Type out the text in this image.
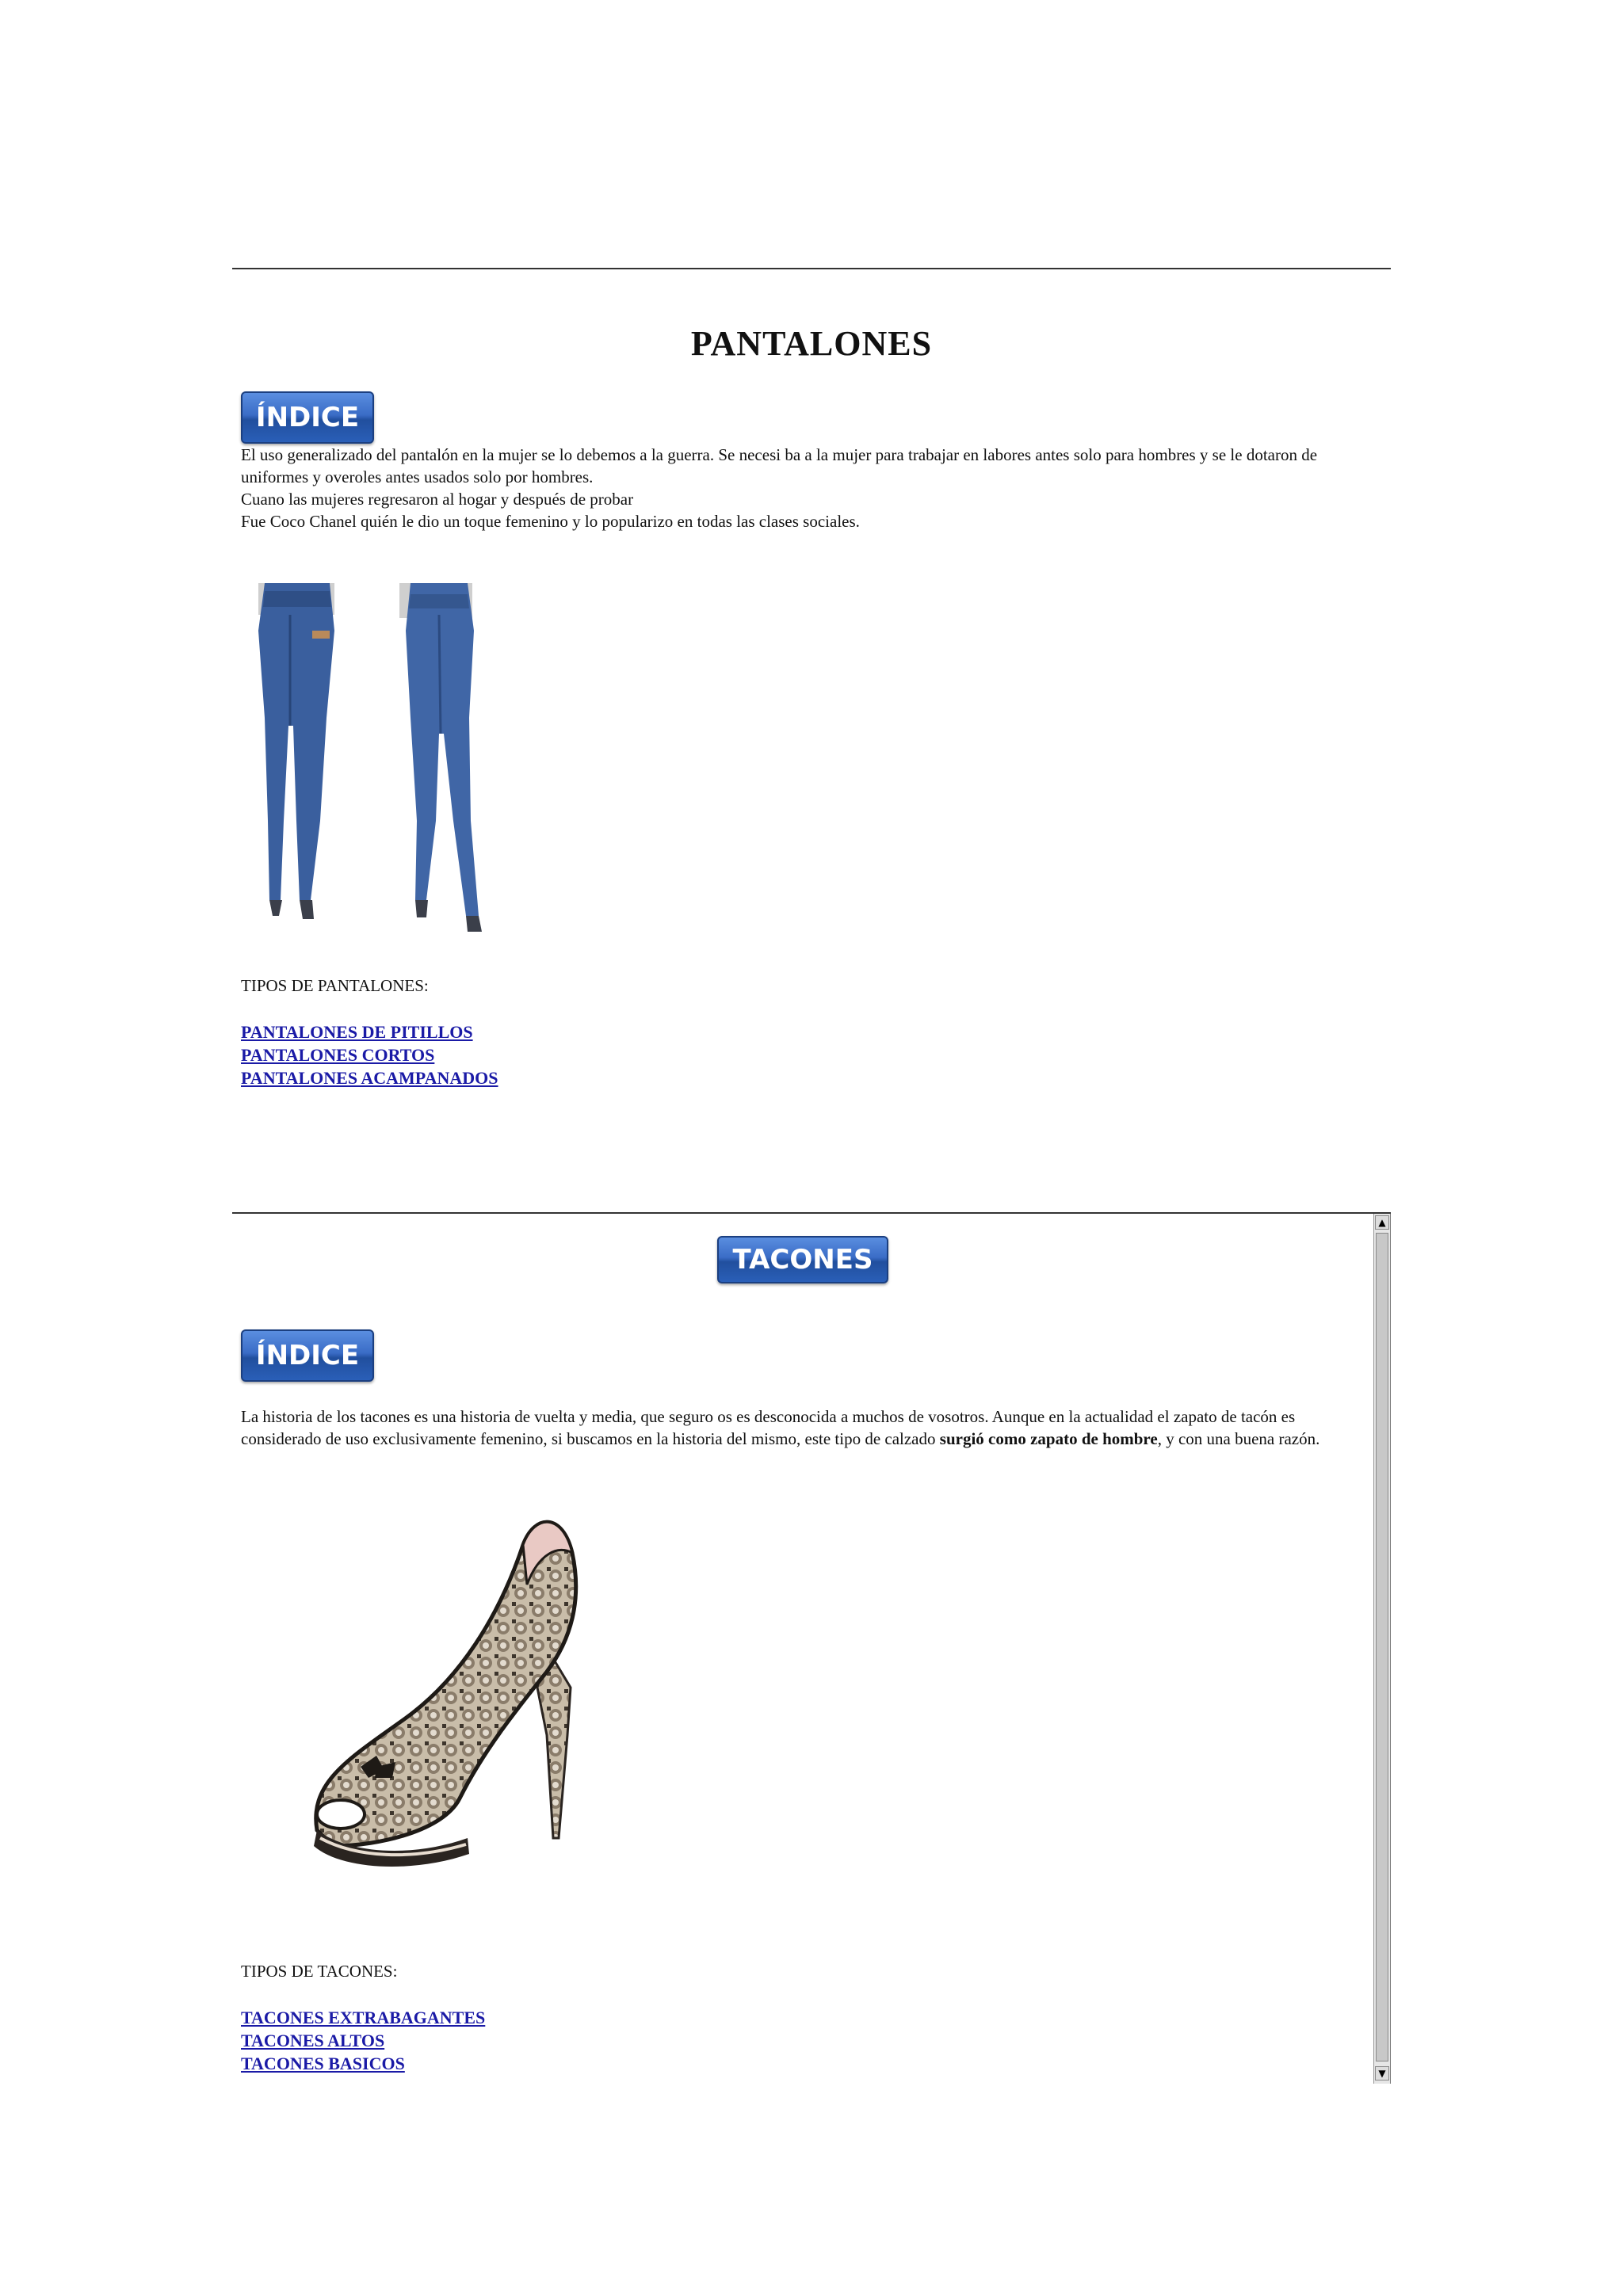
PANTALONES
ÍNDICE

El uso generalizado del pantalón en la mujer se lo debemos a la guerra. Se necesi ba a la mujer para trabajar en labores antes solo para hombres y se le dotaron de uniformes y overoles antes usados solo por hombres.

Cuano las mujeres regresaron al hogar y después de probar

Fue Coco Chanel quién le dio un toque femenino y lo popularizo en todas las clases sociales.

TIPOS DE PANTALONES:
PANTALONES DE PITILLOS
PANTALONES CORTOS
PANTALONES ACAMPANADOS
▲
▼
TACONES
ÍNDICE

La historia de los tacones es una historia de vuelta y media, que seguro os es desconocida a muchos de vosotros. Aunque en la actualidad el zapato de tacón es considerado de uso exclusivamente femenino, si buscamos en la historia del mismo, este tipo de calzado surgió como zapato de hombre, y con una buena razón.

TIPOS DE TACONES:
TACONES EXTRABAGANTES
TACONES ALTOS
TACONES BASICOS
